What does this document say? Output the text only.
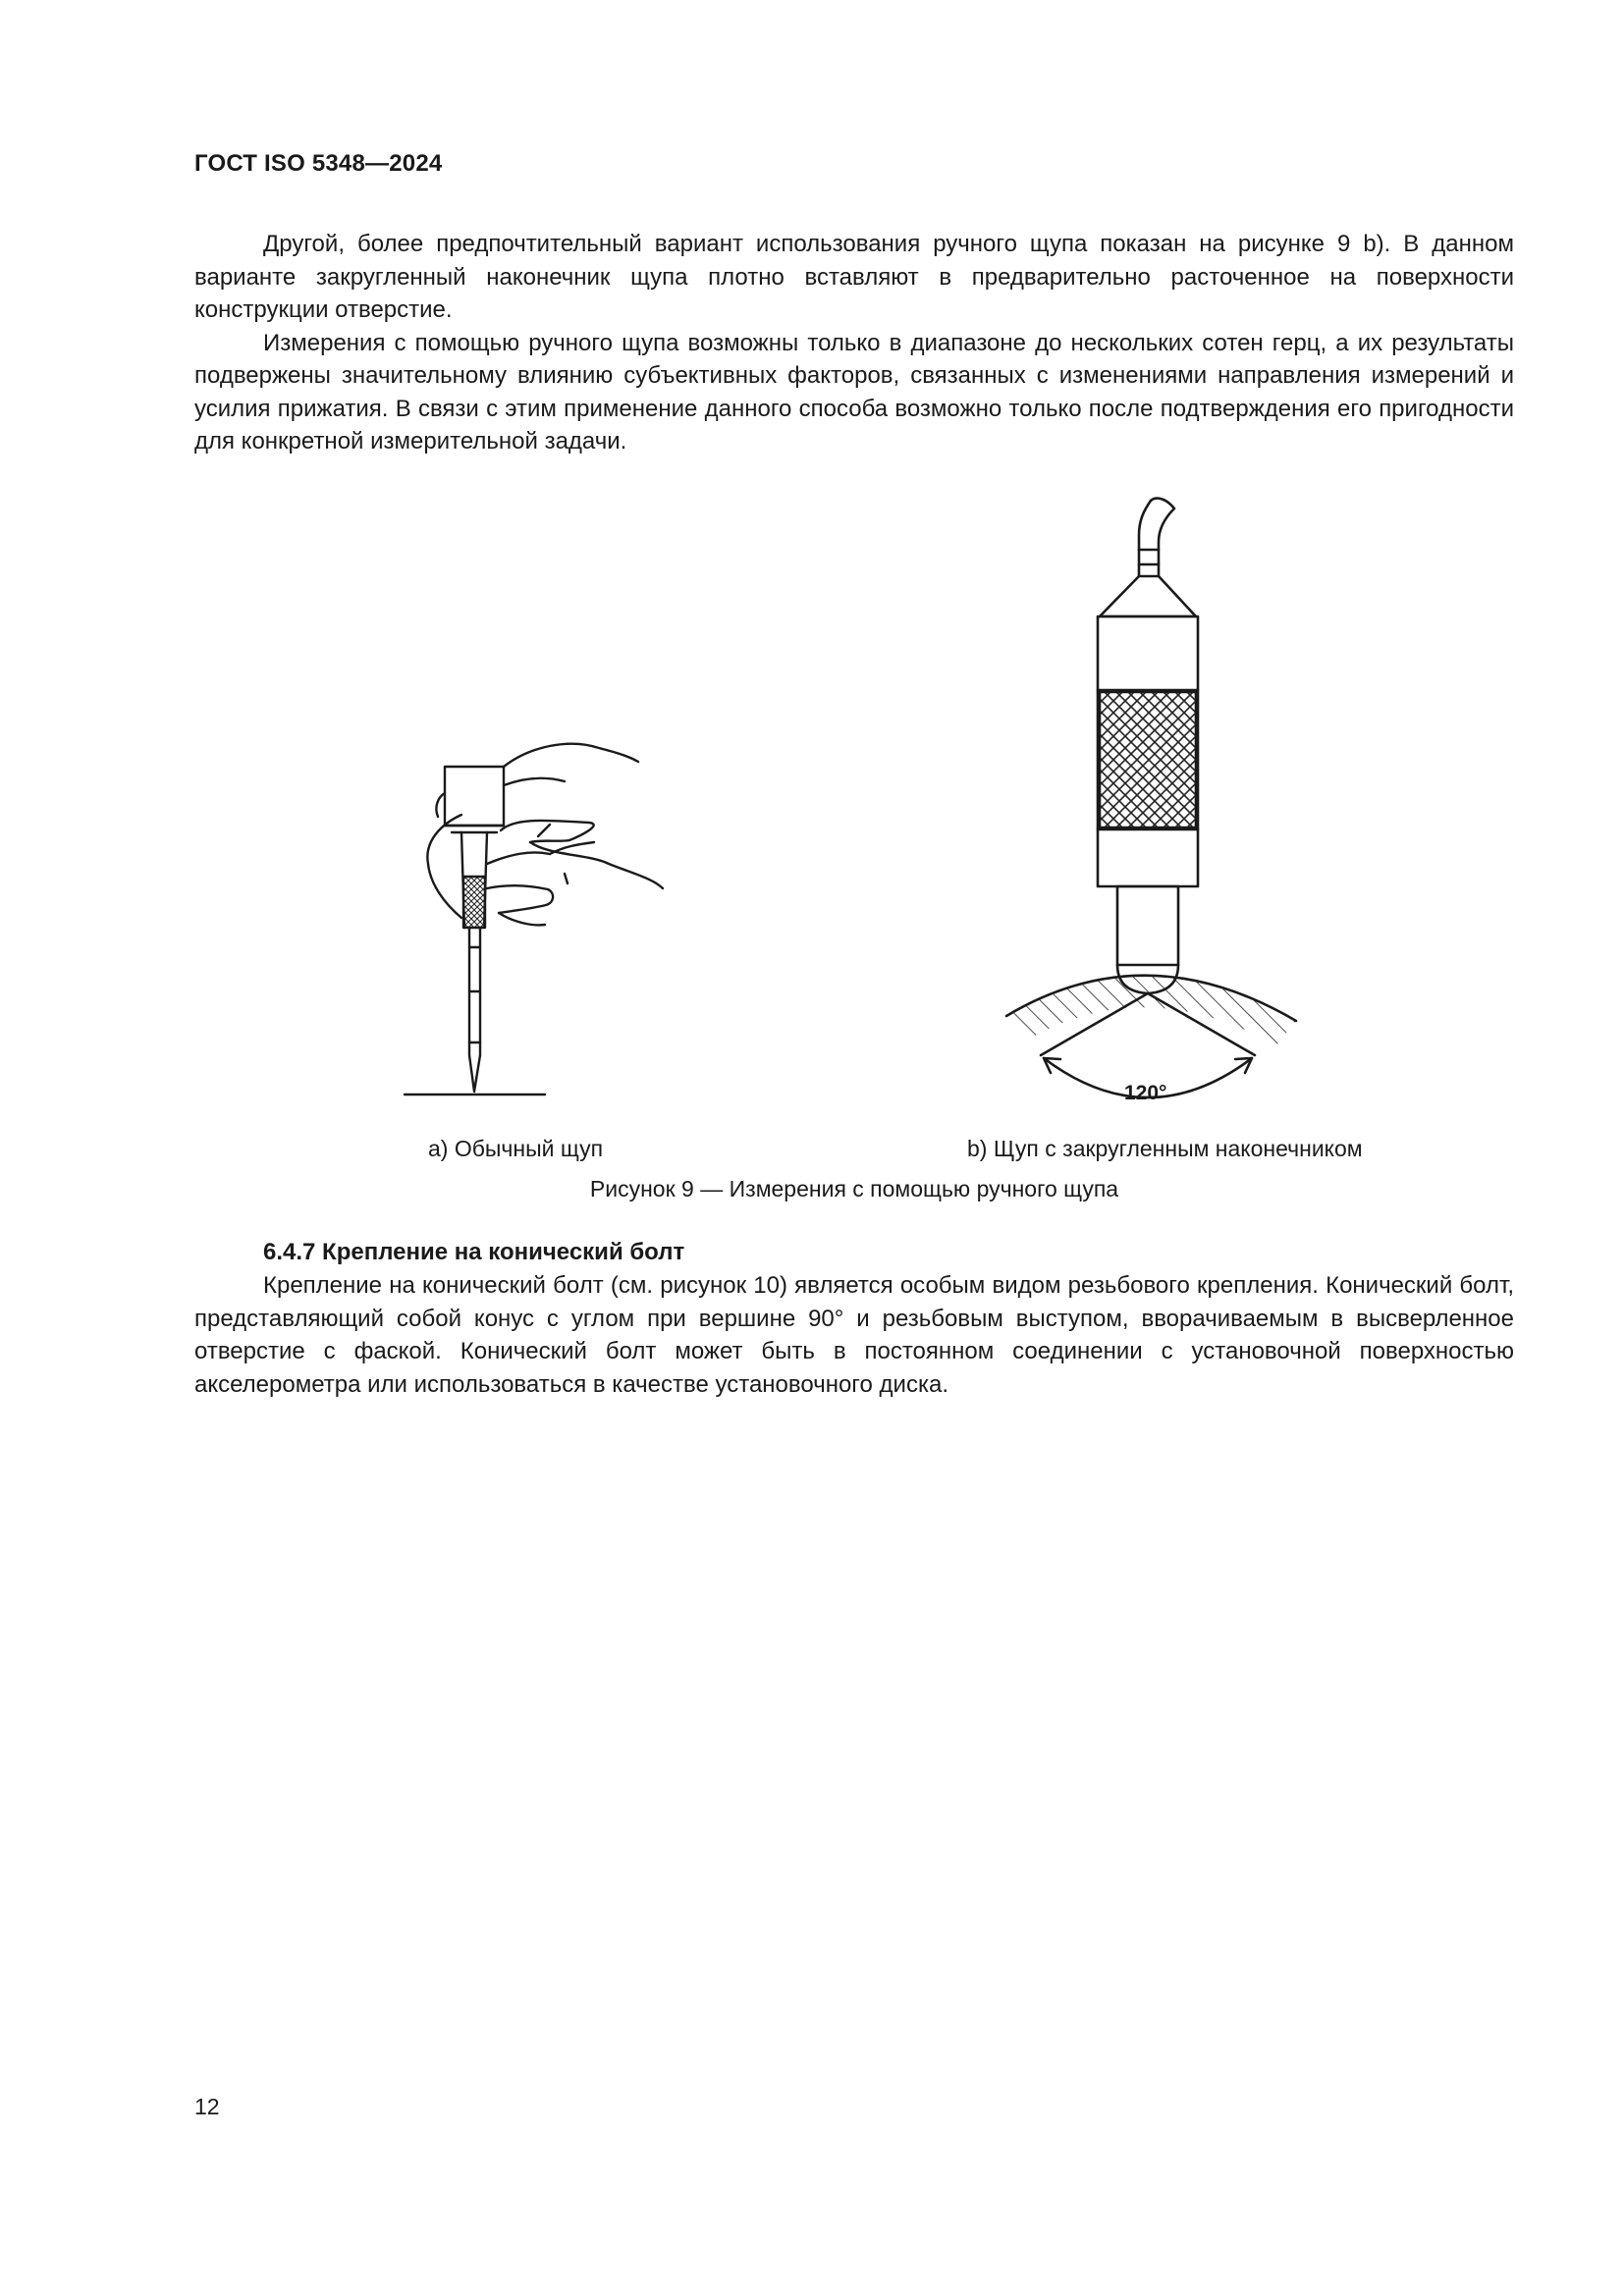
ГОСТ ISO 5348—2024

Другой, более предпочтительный вариант использования ручного щупа показан на рисунке 9 b). В данном варианте закругленный наконечник щупа плотно вставляют в предварительно расточенное на поверхности конструкции отверстие.

Измерения с помощью ручного щупа возможны только в диапазоне до нескольких сотен герц, а их результаты подвержены значительному влиянию субъективных факторов, связанных с изменениями направления измерений и усилия прижатия. В связи с этим применение данного способа возможно только после подтверждения его пригодности для конкретной измерительной задачи.

120°
a) Обычный щуп	b) Щуп с закругленным наконечником
Рисунок 9 — Измерения с помощью ручного щупа
6.4.7 Крепление на конический болт

Крепление на конический болт (см. рисунок 10) является особым видом резьбового крепления. Конический болт, представляющий собой конус с углом при вершине 90° и резьбовым выступом, вворачиваемым в высверленное отверстие с фаской. Конический болт может быть в постоянном соединении с установочной поверхностью акселерометра или использоваться в качестве установочного диска.

12
